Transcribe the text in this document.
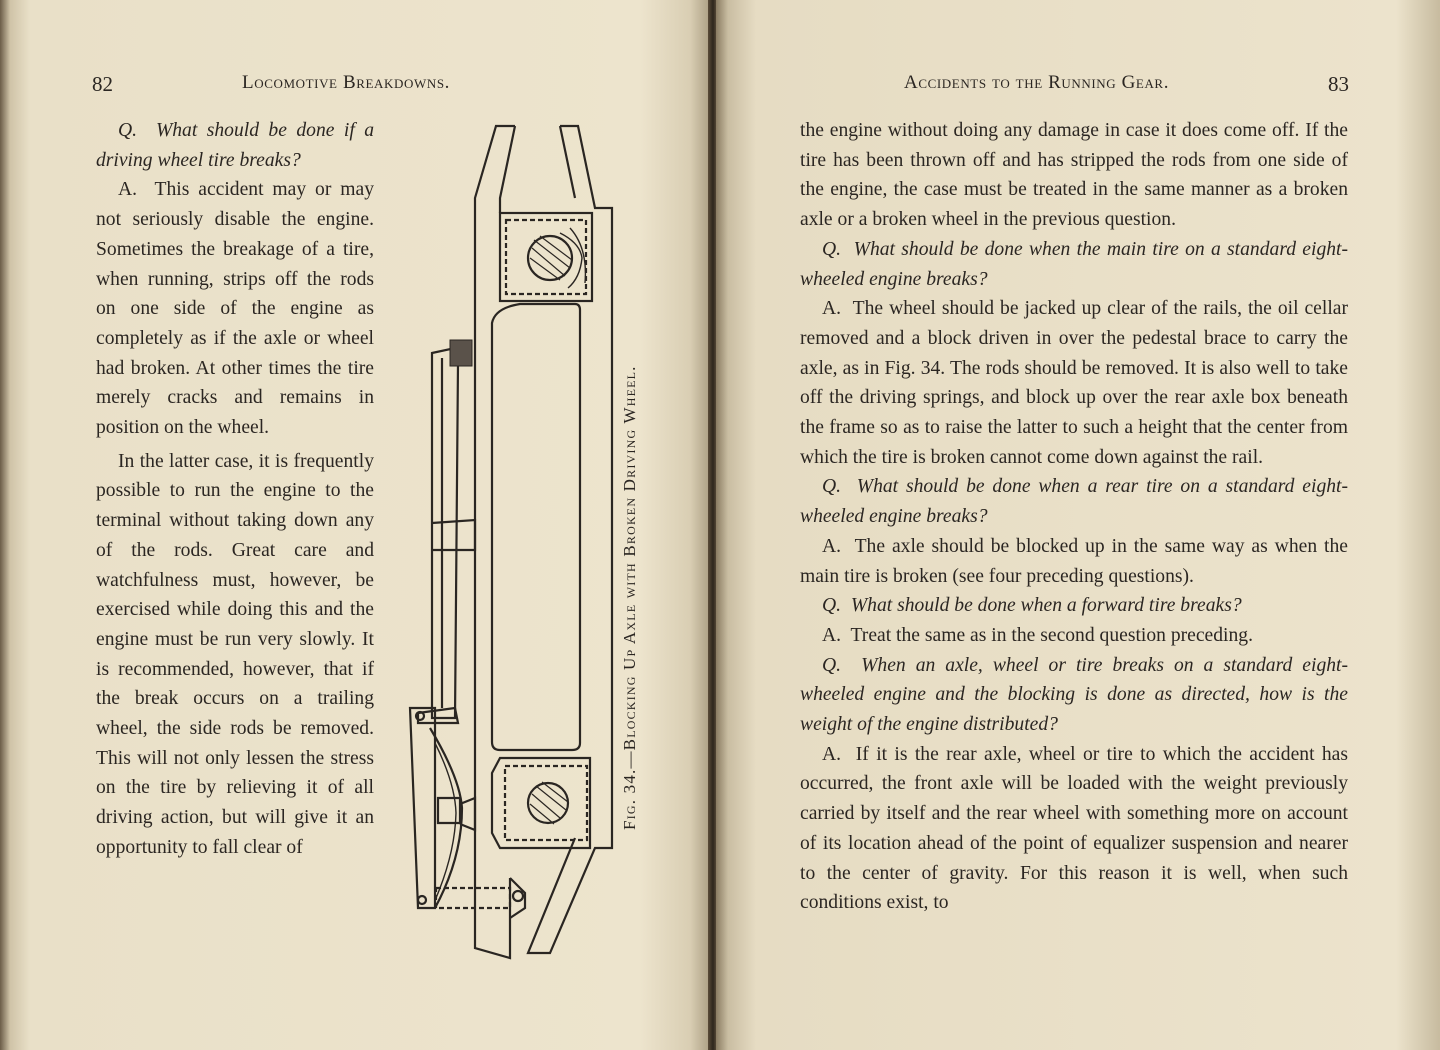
82	Locomotive Breakdowns.

Q. What should be done if a driving wheel tire breaks?

A. This accident may or may not seriously disable the engine. Sometimes the breakage of a tire, when running, strips off the rods on one side of the engine as completely as if the axle or wheel had broken. At other times the tire merely cracks and remains in position on the wheel.

In the latter case, it is frequently possible to run the engine to the terminal without taking down any of the rods. Great care and watchfulness must, however, be exercised while doing this and the engine must be run very slowly. It is recommended, however, that if the break occurs on a trailing wheel, the side rods be removed. This will not only lessen the stress on the tire by relieving it of all driving action, but will give it an opportunity to fall clear of

Fig. 34.—Blocking Up Axle with Broken Driving Wheel.
Accidents to the Running Gear.	83

the engine without doing any damage in case it does come off. If the tire has been thrown off and has stripped the rods from one side of the engine, the case must be treated in the same manner as a broken axle or a broken wheel in the previous question.

Q. What should be done when the main tire on a standard eight-wheeled engine breaks?

A. The wheel should be jacked up clear of the rails, the oil cellar removed and a block driven in over the pedestal brace to carry the axle, as in Fig. 34. The rods should be removed. It is also well to take off the driving springs, and block up over the rear axle box beneath the frame so as to raise the latter to such a height that the center from which the tire is broken cannot come down against the rail.

Q. What should be done when a rear tire on a standard eight-wheeled engine breaks?

A. The axle should be blocked up in the same way as when the main tire is broken (see four preceding questions).

Q. What should be done when a forward tire breaks?

A. Treat the same as in the second question preceding.

Q. When an axle, wheel or tire breaks on a standard eight-wheeled engine and the blocking is done as directed, how is the weight of the engine distributed?

A. If it is the rear axle, wheel or tire to which the accident has occurred, the front axle will be loaded with the weight previously carried by itself and the rear wheel with something more on account of its location ahead of the point of equalizer suspension and nearer to the center of gravity. For this reason it is well, when such conditions exist, to
